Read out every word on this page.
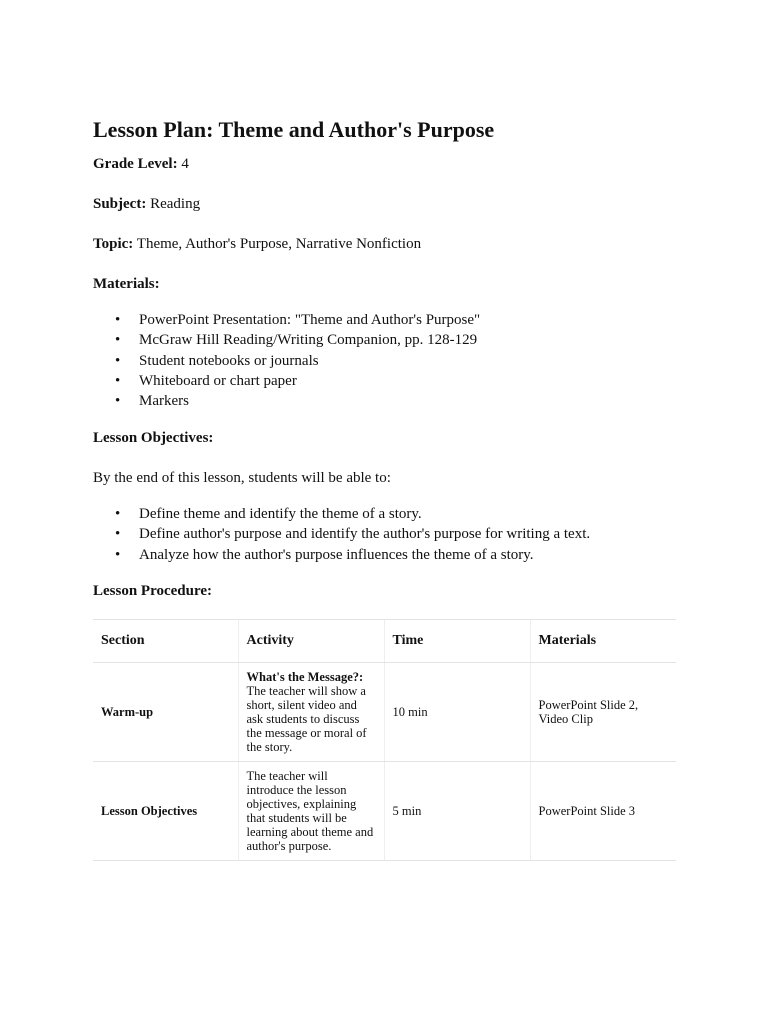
Lesson Plan: Theme and Author's Purpose

Grade Level: 4

Subject: Reading

Topic: Theme, Author's Purpose, Narrative Nonfiction

Materials:

• PowerPoint Presentation: "Theme and Author's Purpose"
• McGraw Hill Reading/Writing Companion, pp. 128-129
• Student notebooks or journals
• Whiteboard or chart paper
• Markers

Lesson Objectives:

By the end of this lesson, students will be able to:

• Define theme and identify the theme of a story.
• Define author's purpose and identify the author's purpose for writing a text.
• Analyze how the author's purpose influences the theme of a story.

Lesson Procedure:

Section	Activity	Time	Materials
Warm-up	What's the Message?:
The teacher will show a short, silent video and ask students to discuss the message or moral of the story.	10 min	PowerPoint Slide 2, Video Clip
Lesson Objectives	The teacher will introduce the lesson objectives, explaining that students will be learning about theme and author's purpose.	5 min	PowerPoint Slide 3
